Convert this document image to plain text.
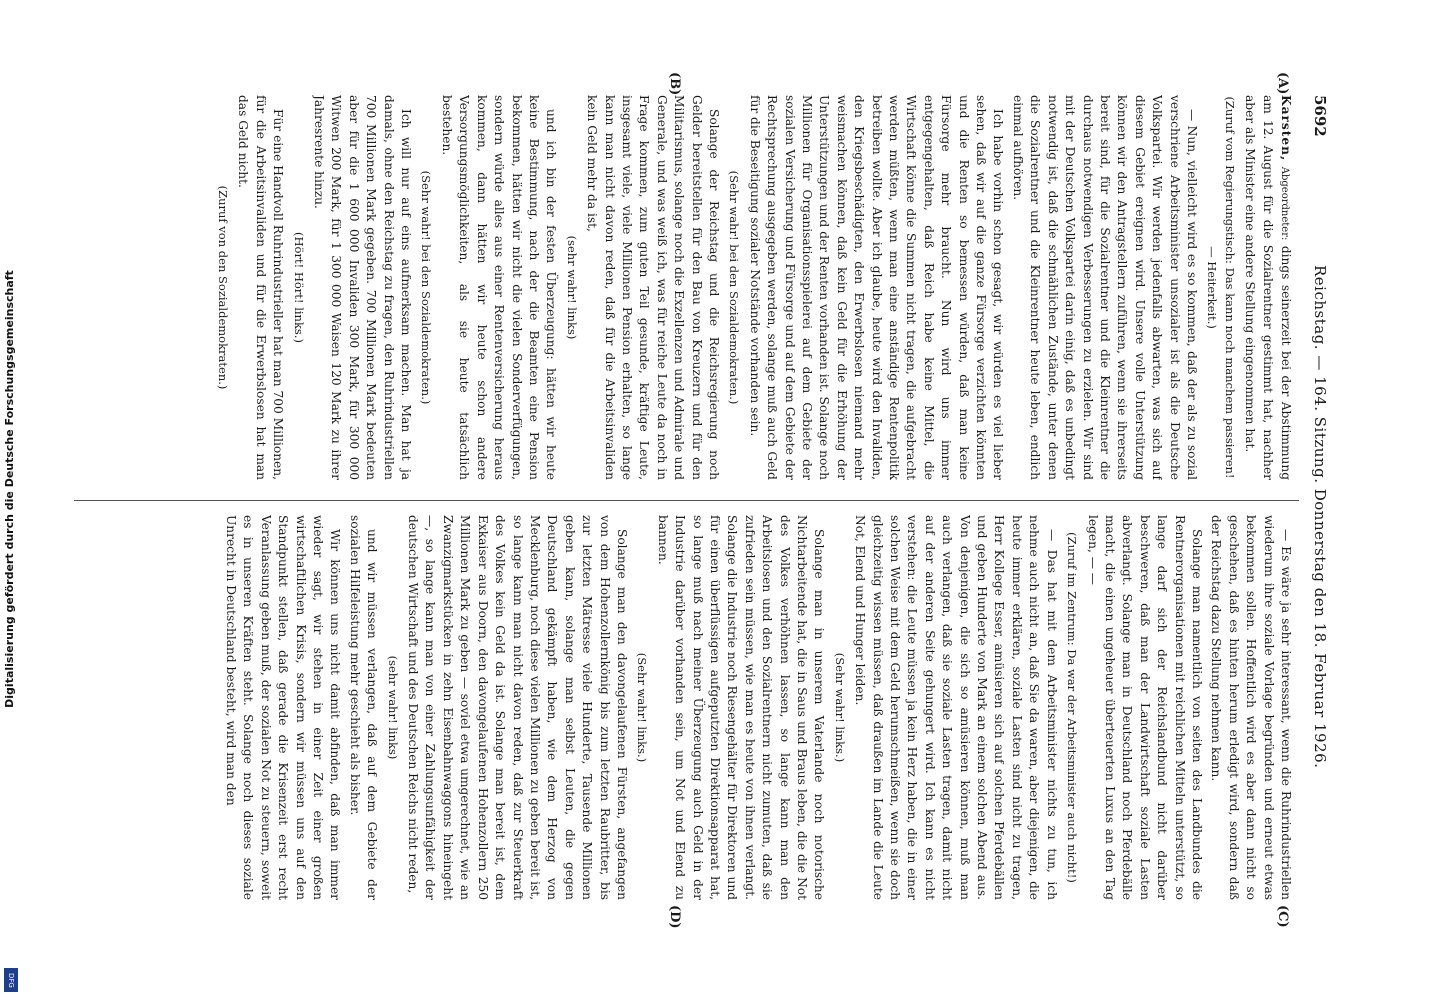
Digitalisierung gefördert durch die Deutsche Forschungsgemeinschaft
DFG
5692
Reichstag. — 164. Sitzung. Donnerstag den 18. Februar 1926.
(A)
(B)
(C)
(D)

Karsten, Abgeordneter: dings seinerzeit bei der Abstimmung am 12. August für die Sozialrentner gestimmt hat, nachher aber als Minister eine andere Stellung eingenommen hat.

(Zuruf vom Regierungstisch: Das kann noch manchem passieren! — Heiterkeit.)

— Nun, vielleicht wird es so kommen, daß der als zu sozial verschriene Arbeitsminister unsozialer ist als die Deutsche Volkspartei. Wir werden jedenfalls abwarten, was sich auf diesem Gebiet ereignen wird. Unsere volle Unterstützung können wir den Antragstellern zuführen, wenn sie ihrerseits bereit sind, für die Sozialrentner und die Kleinrentner die durchaus notwendigen Verbesserungen zu erzielen. Wir sind mit der Deutschen Volkspartei darin einig, daß es unbedingt notwendig ist, daß die schmählichen Zustände, unter denen die Sozialrentner und die Kleinrentner heute leben, endlich einmal aufhören.

Ich habe vorhin schon gesagt, wir würden es viel lieber sehen, daß wir auf die ganze Fürsorge verzichten könnten und die Renten so bemessen würden, daß man keine Fürsorge mehr braucht. Nun wird uns immer entgegengehalten, daß Reich habe keine Mittel, die Wirtschaft könne die Summen nicht tragen, die aufgebracht werden müßten, wenn man eine anständige Rentenpolitik betreiben wollte. Aber ich glaube, heute wird den Invaliden, den Kriegsbeschädigten, den Erwerbslosen niemand mehr weismachen können, daß kein Geld für die Erhöhung der Unterstützungen und der Renten vorhanden ist. Solange noch Millionen für Organisationsspielerei auf dem Gebiete der sozialen Versicherung und Fürsorge und auf dem Gebiete der Rechtsprechung ausgegeben werden, solange muß auch Geld für die Beseitigung sozialer Notstände vorhanden sein.

(Sehr wahr! bei den Sozialdemokraten.)

Solange der Reichstag und die Reichsregierung noch Gelder bereitstellen für den Bau von Kreuzern und für den Militarismus, solange noch die Exzellenzen und Admirale und Generale, und was weiß ich, was für reiche Leute da noch in Frage kommen, zum guten Teil gesunde, kräftige Leute, insgesamt viele, viele Millionen Pension erhalten, so lange kann man nicht davon reden, daß für die Arbeitsinvaliden kein Geld mehr da ist,

(sehr wahr! links)

und ich bin der festen Überzeugung: hätten wir heute keine Bestimmung, nach der die Beamten eine Pension bekommen, hätten wir nicht die vielen Sonderverfügungen, sondern würde alles aus einer Rentenversicherung heraus kommen, dann hätten wir heute schon andere Versorgungsmöglichkeiten, als sie heute tatsächlich bestehen.

(Sehr wahr! bei den Sozialdemokraten.)

Ich will nur auf eins aufmerksam machen. Man hat ja damals, ohne den Reichstag zu fragen, den Ruhrindustriellen 700 Millionen Mark gegeben. 700 Millionen Mark bedeuten aber für die 1 600 000 Invaliden 300 Mark, für 300 000 Witwen 200 Mark, für 1 300 000 Waisen 120 Mark zu ihrer Jahresrente hinzu.

(Hört! Hört! links.)

Für eine Handvoll Ruhrindustrieller hat man 700 Millionen, für die Arbeitsinvaliden und für die Erwerbslosen hat man das Geld nicht.

(Zuruf von den Sozialdemokraten.)

— Es wäre ja sehr interessant, wenn die Ruhrindustriellen wiederum ihre soziale Vorlage begründen und erneut etwas bekommen sollen. Hoffentlich wird es aber dann nicht so geschehen, daß es hinten herum erledigt wird, sondern daß der Reichstag dazu Stellung nehmen kann.

Solange man namentlich von seiten des Landbundes die Rentnerorganisationen mit reichlichen Mitteln unterstützt, so lange darf sich der Reichslandbund nicht darüber beschweren, daß man der Landwirtschaft soziale Lasten abverlangt. Solange man in Deutschland noch Pferdebälle macht, die einen ungeheuer überteuerten Luxus an den Tag legen, — —

(Zuruf im Zentrum: Da war der Arbeitsminister auch nicht!)

— Das hat mit dem Arbeitsminister nichts zu tun, ich nehme auch nicht an, daß Sie da waren, aber diejenigen, die heute immer erklären, soziale Lasten sind nicht zu tragen, Herr Kollege Esser, amüsieren sich auf solchen Pferdebällen und geben Hunderte von Mark an einem solchen Abend aus. Von denjenigen, die sich so amüsieren können, muß man auch verlangen, daß sie soziale Lasten tragen, damit nicht auf der anderen Seite gehungert wird. Ich kann es nicht verstehen: die Leute müssen ja kein Herz haben, die in einer solchen Weise mit dem Geld herumschmeißen, wenn sie doch gleichzeitig wissen müssen, daß draußen im Lande die Leute Not, Elend und Hunger leiden.

(Sehr wahr! links.)

Solange man in unserem Vaterlande noch notorische Nichtarbeitende hat, die in Saus und Braus leben, die die Not des Volkes verhöhnen lassen, so lange kann man den Arbeitslosen und den Sozialrentnern nicht zumuten, daß sie zufrieden sein müssen, wie man es heute von ihnen verlangt. Solange die Industrie noch Riesengehälter für Direktoren und für einen überflüssigen aufgeputzten Direktionsapparat hat, so lange muß nach meiner Überzeugung auch Geld in der Industrie darüber vorhanden sein, um Not und Elend zu bannen.

(Sehr wahr! links.)

Solange man den davongelaufenen Fürsten, angefangen von dem Hohenzollernkönig bis zum letzten Raubritter, bis zur letzten Mätresse viele Hunderte, Tausende Millionen geben kann, solange man selbst Leuten, die gegen Deutschland gekämpft haben, wie dem Herzog von Mecklenburg, noch diese vielen Millionen zu geben bereit ist, so lange kann man nicht davon reden, daß zur Steuerkraft des Volkes kein Geld da ist. Solange man bereit ist, dem Exkaiser aus Doorn, den davongelaufenen Hohenzollern 250 Millionen Mark zu geben — soviel etwa umgerechnet, wie an Zwanzigmarkstücken in zehn Eisenbahnwaggons hineingeht —, so lange kann man von einer Zahlungsunfähigkeit der deutschen Wirtschaft und des Deutschen Reichs nicht reden,

(sehr wahr! links)

und wir müssen verlangen, daß auf dem Gebiete der sozialen Hilfeleistung mehr geschieht als bisher.

Wir können uns nicht damit abfinden, daß man immer wieder sagt, wir stehen in einer Zeit einer großen wirtschaftlichen Krisis, sondern wir müssen uns auf den Standpunkt stellen, daß gerade die Krisenzeit erst recht Veranlassung geben muß, der sozialen Not zu steuern, soweit es in unseren Kräften steht. Solange noch dieses soziale Unrecht in Deutschland besteht, wird man den
